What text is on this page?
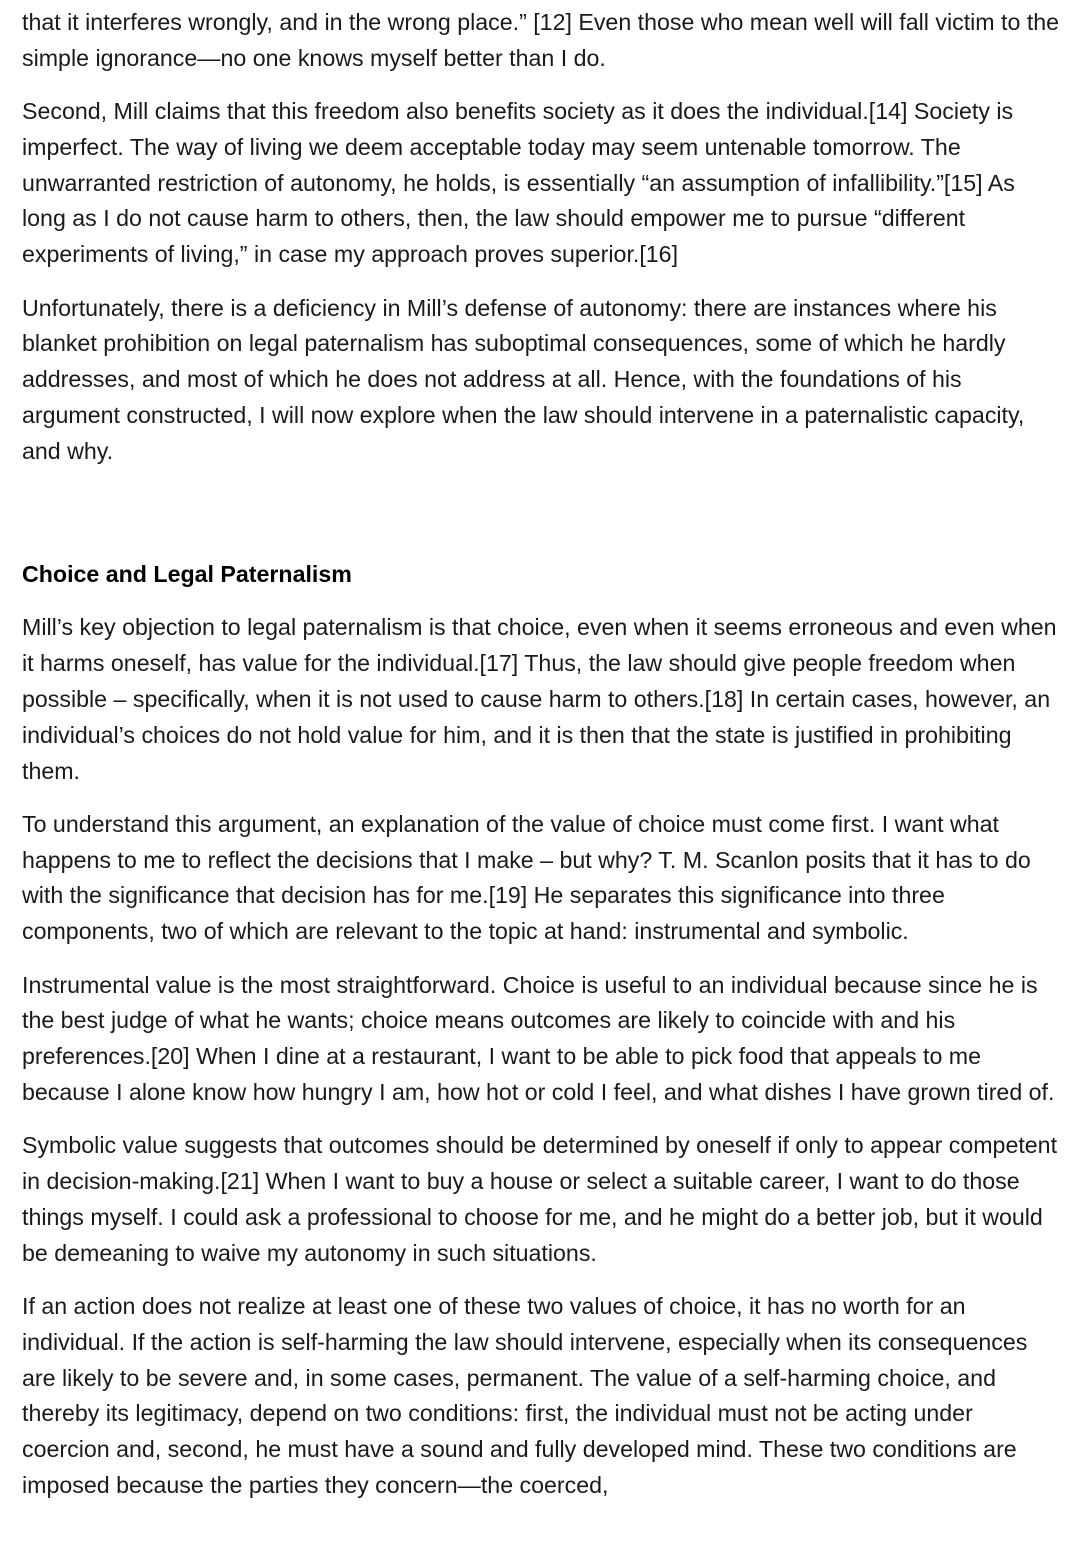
that it interferes wrongly, and in the wrong place.” [12] Even those who mean well will fall victim to the simple ignorance—no one knows myself better than I do.

Second, Mill claims that this freedom also benefits society as it does the individual.[14] Society is imperfect. The way of living we deem acceptable today may seem untenable tomorrow. The unwarranted restriction of autonomy, he holds, is essentially “an assumption of infallibility.”[15] As long as I do not cause harm to others, then, the law should empower me to pursue “different experiments of living,” in case my approach proves superior.[16]

Unfortunately, there is a deficiency in Mill’s defense of autonomy: there are instances where his blanket prohibition on legal paternalism has suboptimal consequences, some of which he hardly addresses, and most of which he does not address at all. Hence, with the foundations of his argument constructed, I will now explore when the law should intervene in a paternalistic capacity, and why.

Choice and Legal Paternalism

Mill’s key objection to legal paternalism is that choice, even when it seems erroneous and even when it harms oneself, has value for the individual.[17] Thus, the law should give people freedom when possible – specifically, when it is not used to cause harm to others.[18] In certain cases, however, an individual’s choices do not hold value for him, and it is then that the state is justified in prohibiting them.

To understand this argument, an explanation of the value of choice must come first. I want what happens to me to reflect the decisions that I make – but why? T. M. Scanlon posits that it has to do with the significance that decision has for me.[19] He separates this significance into three components, two of which are relevant to the topic at hand: instrumental and symbolic.

Instrumental value is the most straightforward. Choice is useful to an individual because since he is the best judge of what he wants; choice means outcomes are likely to coincide with and his preferences.[20] When I dine at a restaurant, I want to be able to pick food that appeals to me because I alone know how hungry I am, how hot or cold I feel, and what dishes I have grown tired of.

Symbolic value suggests that outcomes should be determined by oneself if only to appear competent in decision-making.[21] When I want to buy a house or select a suitable career, I want to do those things myself. I could ask a professional to choose for me, and he might do a better job, but it would be demeaning to waive my autonomy in such situations.

If an action does not realize at least one of these two values of choice, it has no worth for an individual. If the action is self-harming the law should intervene, especially when its consequences are likely to be severe and, in some cases, permanent. The value of a self-harming choice, and thereby its legitimacy, depend on two conditions: first, the individual must not be acting under coercion and, second, he must have a sound and fully developed mind. These two conditions are imposed because the parties they concern—the coerced,
